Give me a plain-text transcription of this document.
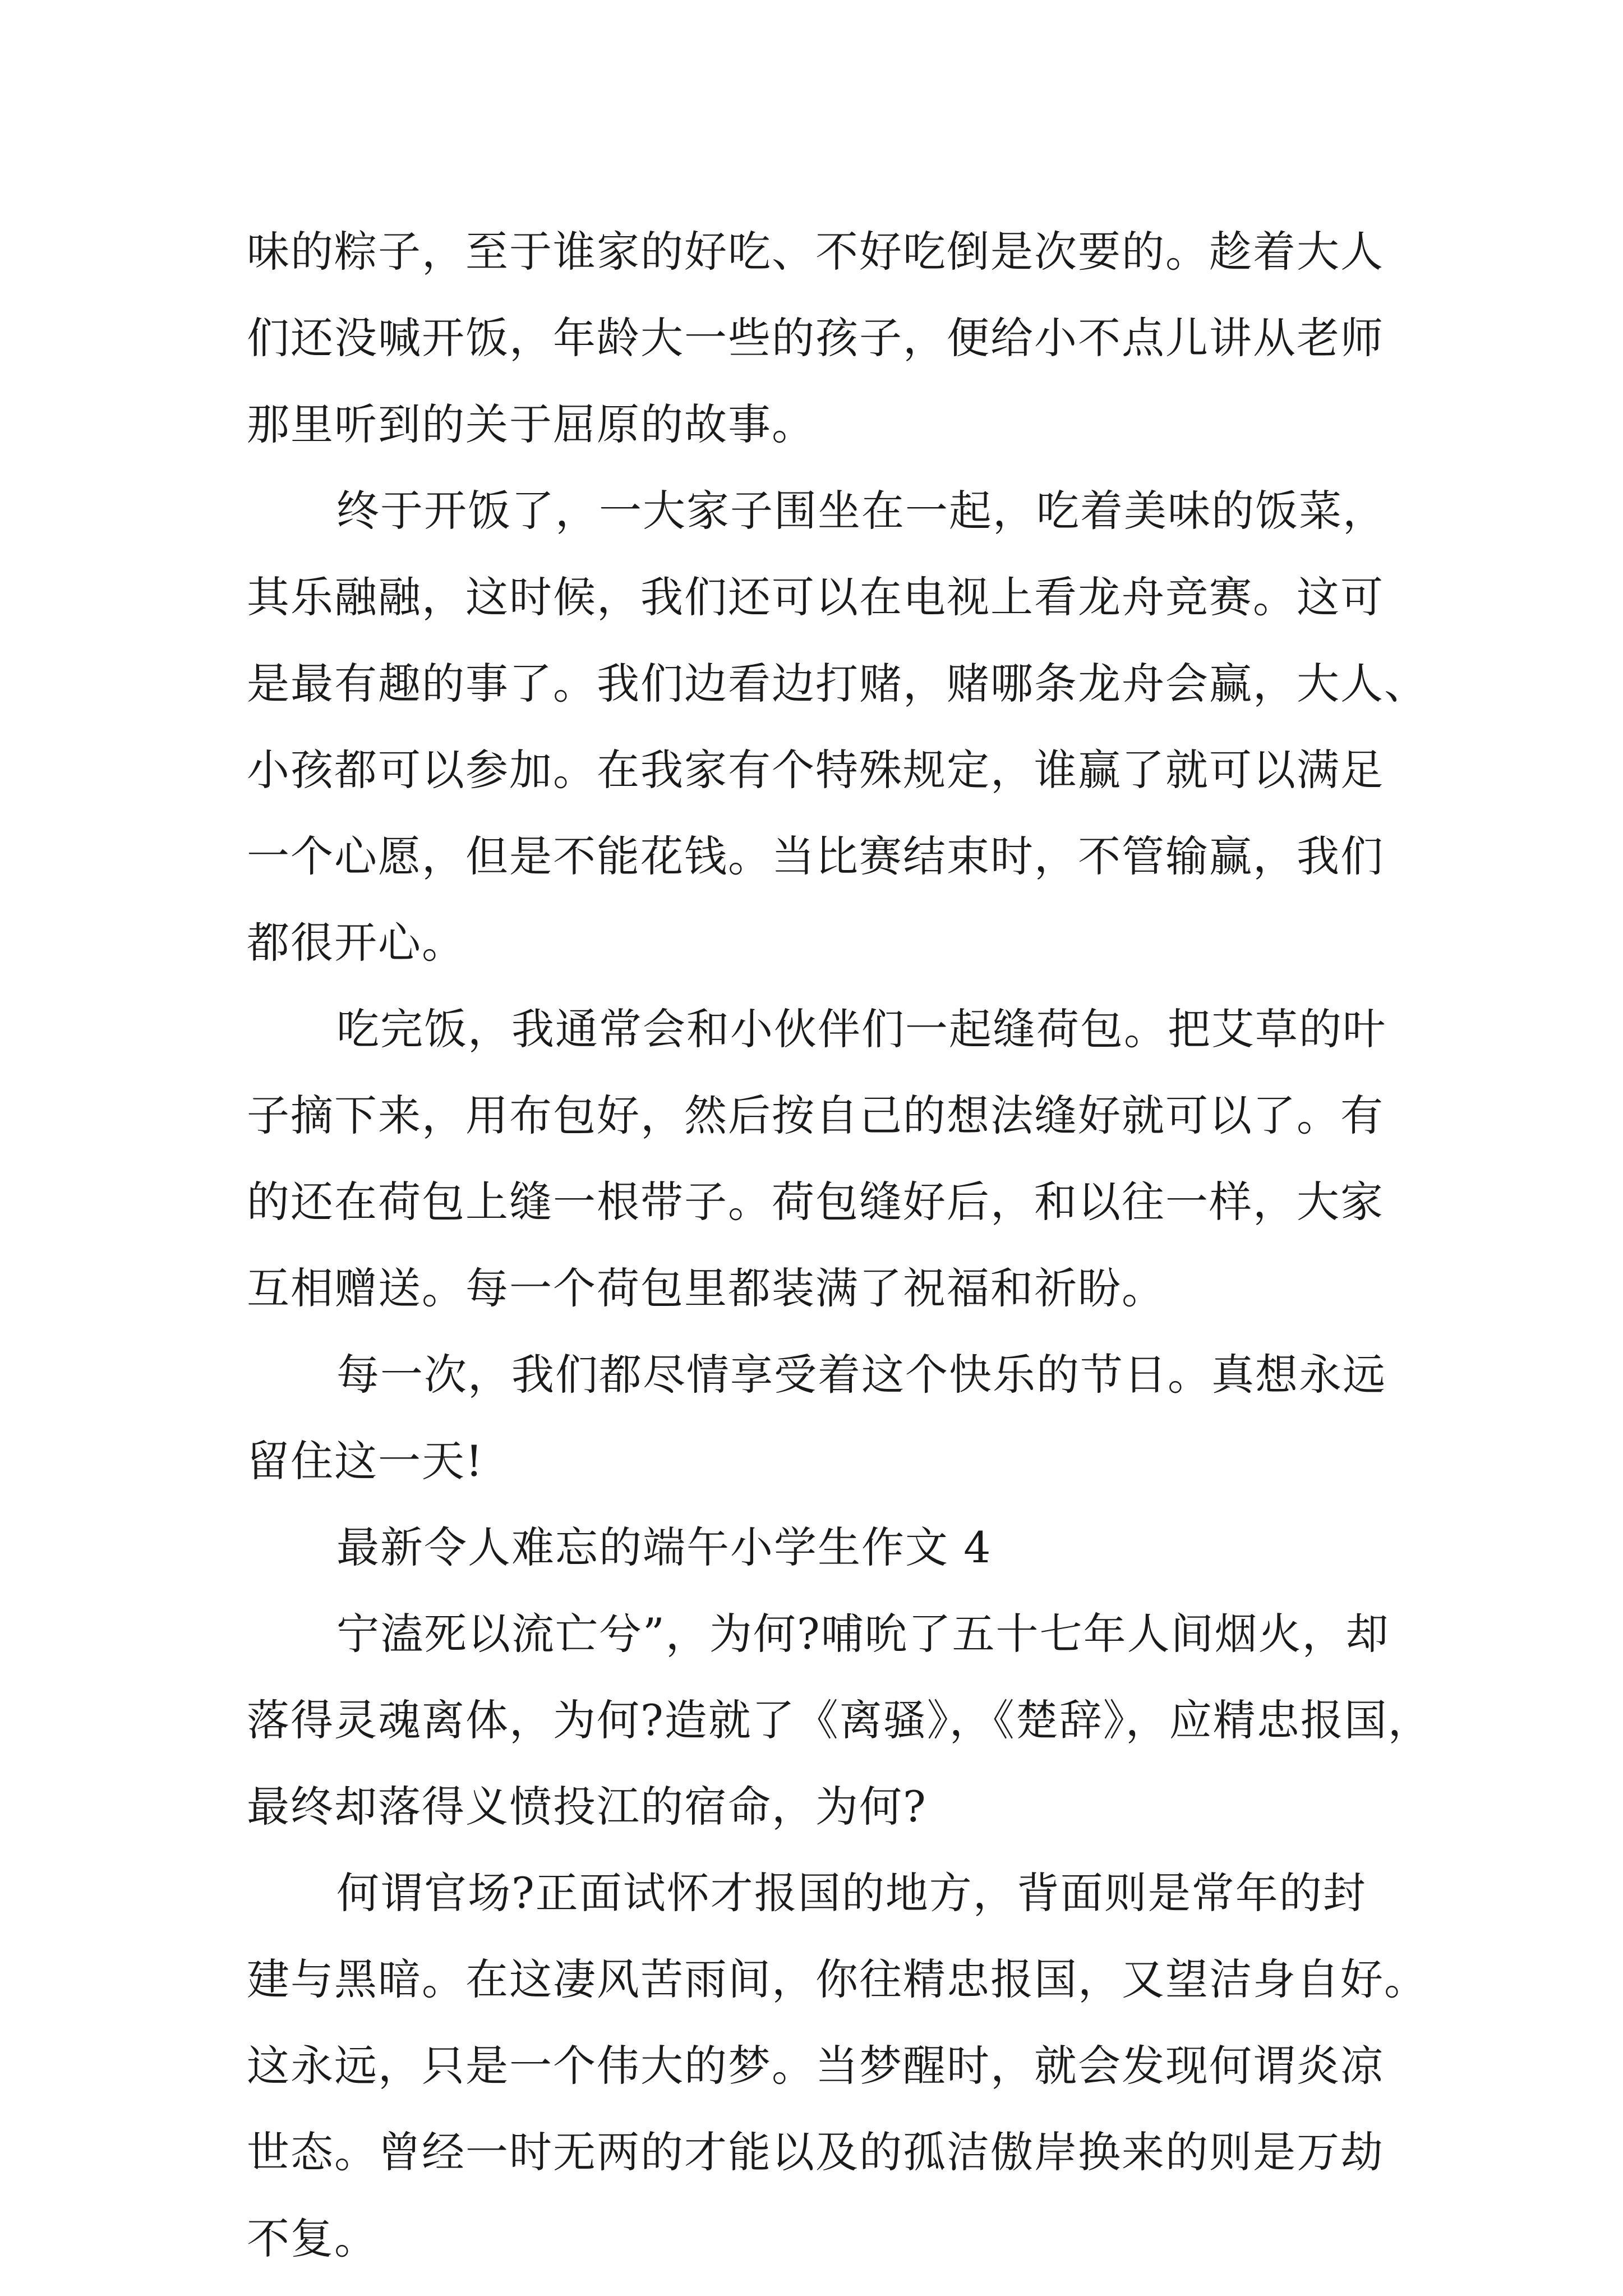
味的粽子，至于谁家的好吃、不好吃倒是次要的。趁着大人
们还没喊开饭，年龄大一些的孩子，便给小不点儿讲从老师
那里听到的关于屈原的故事。
终于开饭了，一大家子围坐在一起，吃着美味的饭菜，
其乐融融，这时候，我们还可以在电视上看龙舟竞赛。这可
是最有趣的事了。我们边看边打赌，赌哪条龙舟会赢，大人、
小孩都可以参加。在我家有个特殊规定，谁赢了就可以满足
一个心愿，但是不能花钱。当比赛结束时，不管输赢，我们
都很开心。
吃完饭，我通常会和小伙伴们一起缝荷包。把艾草的叶
子摘下来，用布包好，然后按自己的想法缝好就可以了。有
的还在荷包上缝一根带子。荷包缝好后，和以往一样，大家
互相赠送。每一个荷包里都装满了祝福和祈盼。
每一次，我们都尽情享受着这个快乐的节日。真想永远
留住这一天!
最新令人难忘的端午小学生作文 4
宁溘死以流亡兮”，为何?哺吮了五十七年人间烟火，却
落得灵魂离体，为何?造就了《离骚》，《楚辞》，应精忠报国，
最终却落得义愤投江的宿命，为何?
何谓官场?正面试怀才报国的地方，背面则是常年的封
建与黑暗。在这凄风苦雨间，你往精忠报国，又望洁身自好。
这永远，只是一个伟大的梦。当梦醒时，就会发现何谓炎凉
世态。曾经一时无两的才能以及的孤洁傲岸换来的则是万劫
不复。
